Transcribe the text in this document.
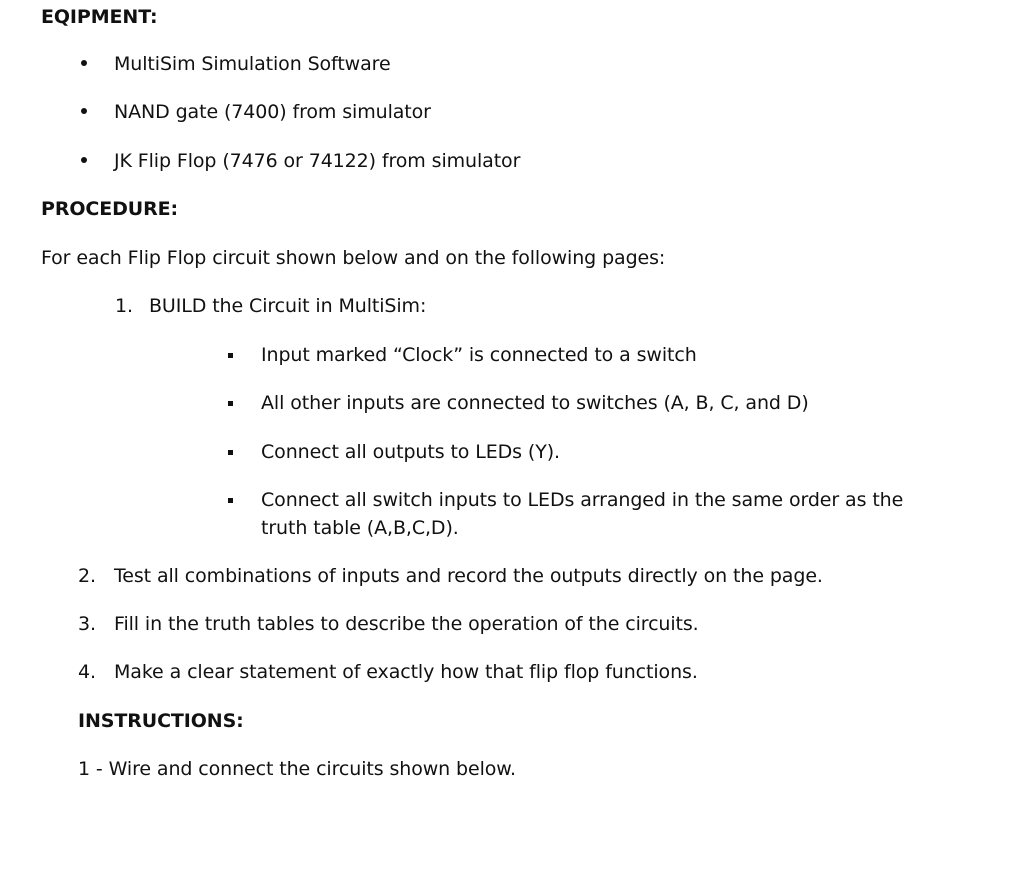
EQIPMENT:
MultiSim Simulation Software
NAND gate (7400) from simulator
JK Flip Flop (7476 or 74122) from simulator
PROCEDURE:
For each Flip Flop circuit shown below and on the following pages:
1. BUILD the Circuit in MultiSim:
Input marked “Clock” is connected to a switch
All other inputs are connected to switches (A, B, C, and D)
Connect all outputs to LEDs (Y).
Connect all switch inputs to LEDs arranged in the same order as the
truth table (A,B,C,D).
2. Test all combinations of inputs and record the outputs directly on the page.
3. Fill in the truth tables to describe the operation of the circuits.
4. Make a clear statement of exactly how that flip flop functions.
INSTRUCTIONS:
1 - Wire and connect the circuits shown below.
